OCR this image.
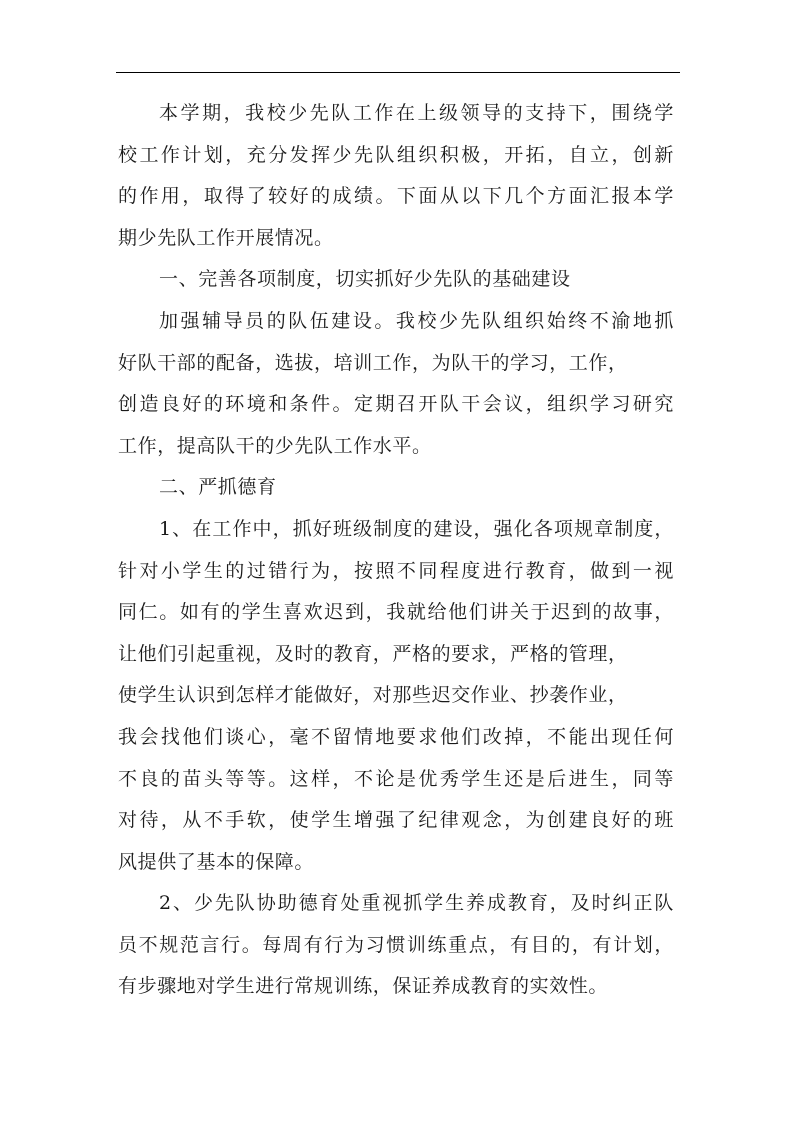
本学期，我校少先队工作在上级领导的支持下，围绕学
校工作计划，充分发挥少先队组织积极，开拓，自立，创新
的作用，取得了较好的成绩。下面从以下几个方面汇报本学
期少先队工作开展情况。
一、完善各项制度，切实抓好少先队的基础建设
加强辅导员的队伍建设。我校少先队组织始终不渝地抓
好队干部的配备，选拔，培训工作，为队干的学习，工作，
创造良好的环境和条件。定期召开队干会议，组织学习研究
工作，提高队干的少先队工作水平。
二、严抓德育
1、在工作中，抓好班级制度的建设，强化各项规章制度，
针对小学生的过错行为，按照不同程度进行教育，做到一视
同仁。如有的学生喜欢迟到，我就给他们讲关于迟到的故事，
让他们引起重视，及时的教育，严格的要求，严格的管理，
使学生认识到怎样才能做好，对那些迟交作业、抄袭作业，
我会找他们谈心，毫不留情地要求他们改掉，不能出现任何
不良的苗头等等。这样，不论是优秀学生还是后进生，同等
对待，从不手软，使学生增强了纪律观念，为创建良好的班
风提供了基本的保障。
2、少先队协助德育处重视抓学生养成教育，及时纠正队
员不规范言行。每周有行为习惯训练重点，有目的，有计划，
有步骤地对学生进行常规训练，保证养成教育的实效性。
